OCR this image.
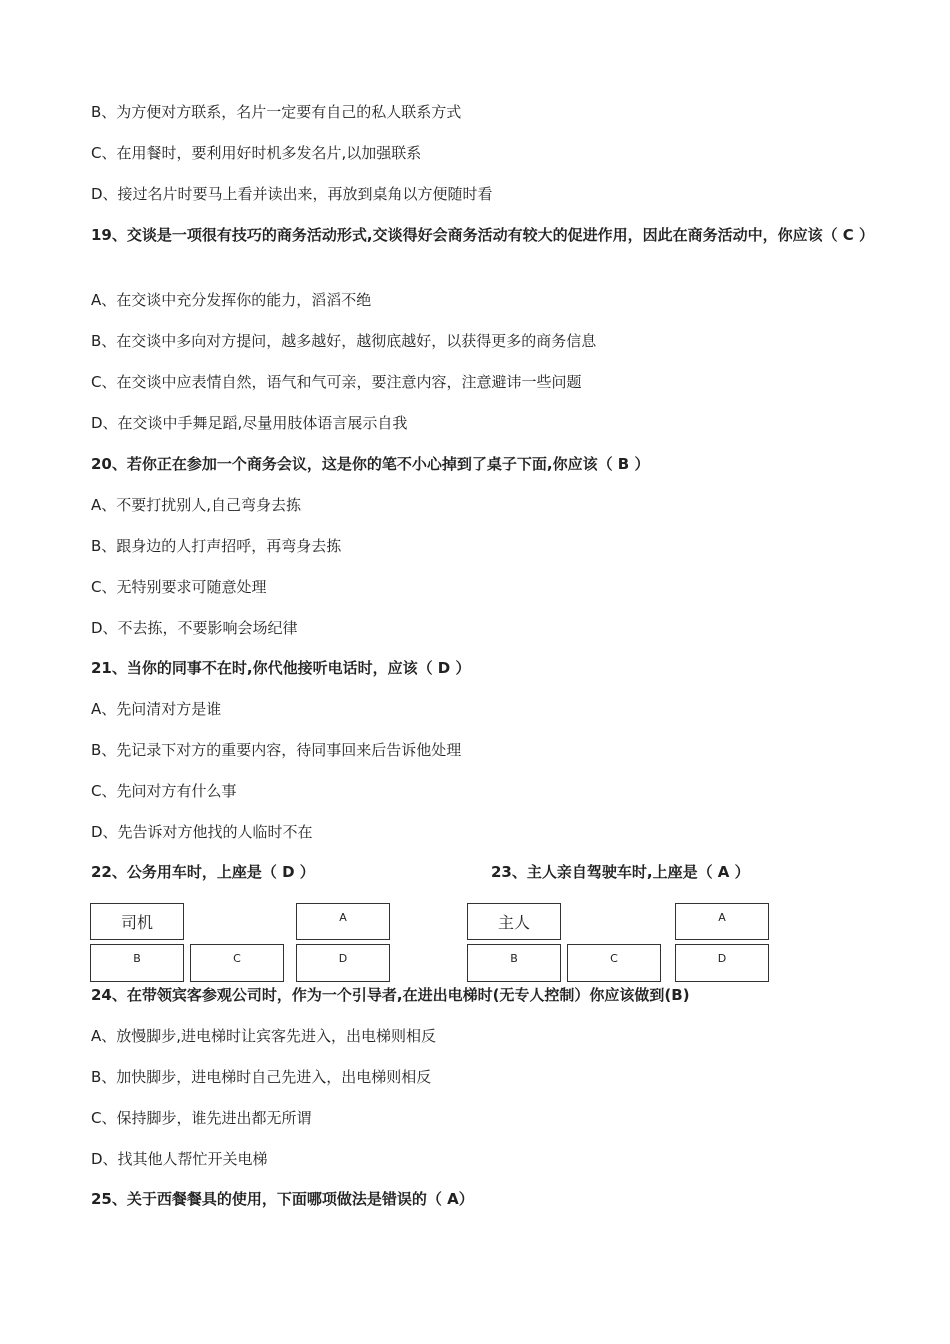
B、为方便对方联系，名片一定要有自己的私人联系方式
C、在用餐时，要利用好时机多发名片,以加强联系
D、接过名片时要马上看并读出来，再放到桌角以方便随时看
19、交谈是一项很有技巧的商务活动形式,交谈得好会商务活动有较大的促进作用，因此在商务活动中，你应该（ C ）
A、在交谈中充分发挥你的能力，滔滔不绝
B、在交谈中多向对方提问，越多越好，越彻底越好，以获得更多的商务信息
C、在交谈中应表情自然，语气和气可亲，要注意内容，注意避讳一些问题
D、在交谈中手舞足蹈,尽量用肢体语言展示自我
20、若你正在参加一个商务会议，这是你的笔不小心掉到了桌子下面,你应该（ B ）
A、不要打扰别人,自己弯身去拣
B、跟身边的人打声招呼，再弯身去拣
C、无特别要求可随意处理
D、不去拣，不要影响会场纪律
21、当你的同事不在时,你代他接听电话时，应该（ D ）
A、先问清对方是谁
B、先记录下对方的重要内容，待同事回来后告诉他处理
C、先问对方有什么事
D、先告诉对方他找的人临时不在
22、公务用车时，上座是（ D ）	23、主人亲自驾驶车时,上座是（ A ）
司机	A
B	C	D
主人	A
B	C	D
24、在带领宾客参观公司时，作为一个引导者,在进出电梯时(无专人控制）你应该做到(B)
A、放慢脚步,进电梯时让宾客先进入，出电梯则相反
B、加快脚步，进电梯时自己先进入，出电梯则相反
C、保持脚步，谁先进出都无所谓
D、找其他人帮忙开关电梯
25、关于西餐餐具的使用，下面哪项做法是错误的（ A）
